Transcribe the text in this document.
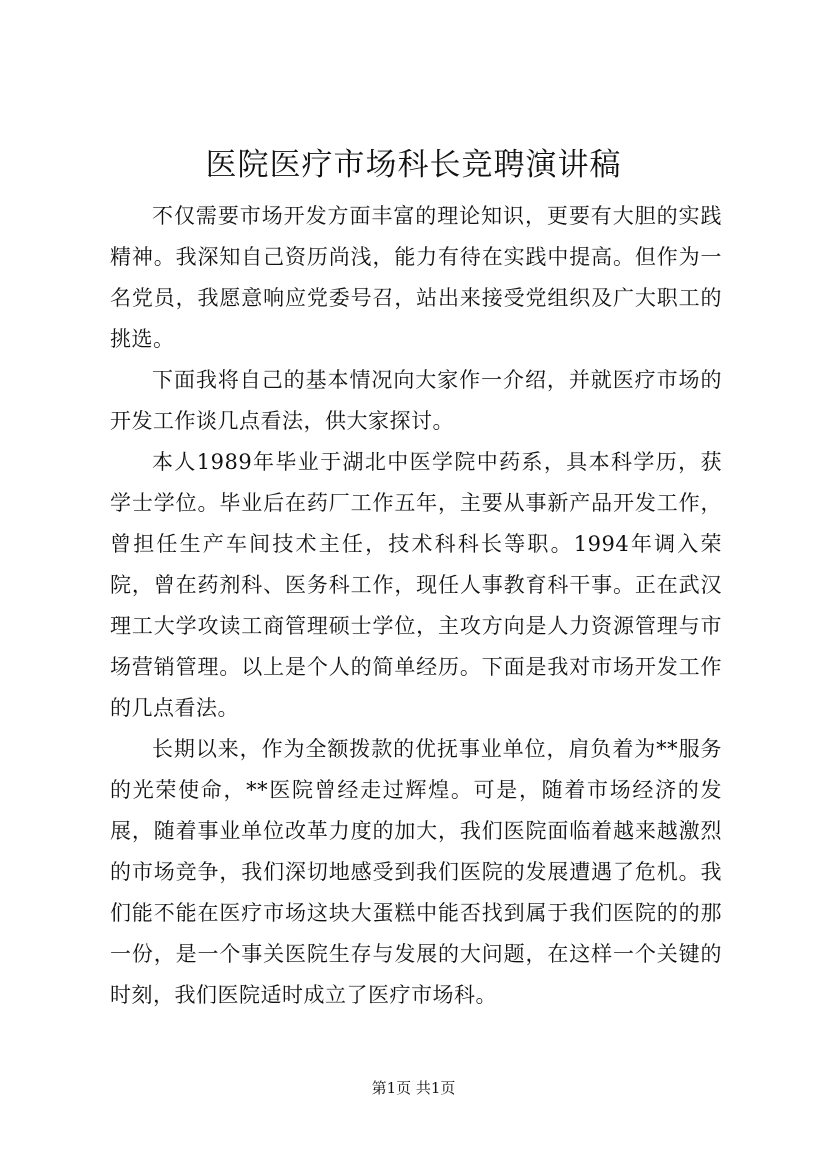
医院医疗市场科长竞聘演讲稿

不仅需要市场开发方面丰富的理论知识，更要有大胆的实践精神。我深知自己资历尚浅，能力有待在实践中提高。但作为一名党员，我愿意响应党委号召，站出来接受党组织及广大职工的挑选。

下面我将自己的基本情况向大家作一介绍，并就医疗市场的开发工作谈几点看法，供大家探讨。

本人1989年毕业于湖北中医学院中药系，具本科学历，获学士学位。毕业后在药厂工作五年，主要从事新产品开发工作，曾担任生产车间技术主任，技术科科长等职。1994年调入荣院，曾在药剂科、医务科工作，现任人事教育科干事。正在武汉理工大学攻读工商管理硕士学位，主攻方向是人力资源管理与市场营销管理。以上是个人的简单经历。下面是我对市场开发工作的几点看法。

长期以来，作为全额拨款的优抚事业单位，肩负着为**服务的光荣使命，**医院曾经走过辉煌。可是，随着市场经济的发展，随着事业单位改革力度的加大，我们医院面临着越来越激烈的市场竞争，我们深切地感受到我们医院的发展遭遇了危机。我们能不能在医疗市场这块大蛋糕中能否找到属于我们医院的的那一份，是一个事关医院生存与发展的大问题，在这样一个关键的时刻，我们医院适时成立了医疗市场科。

第1页 共1页
